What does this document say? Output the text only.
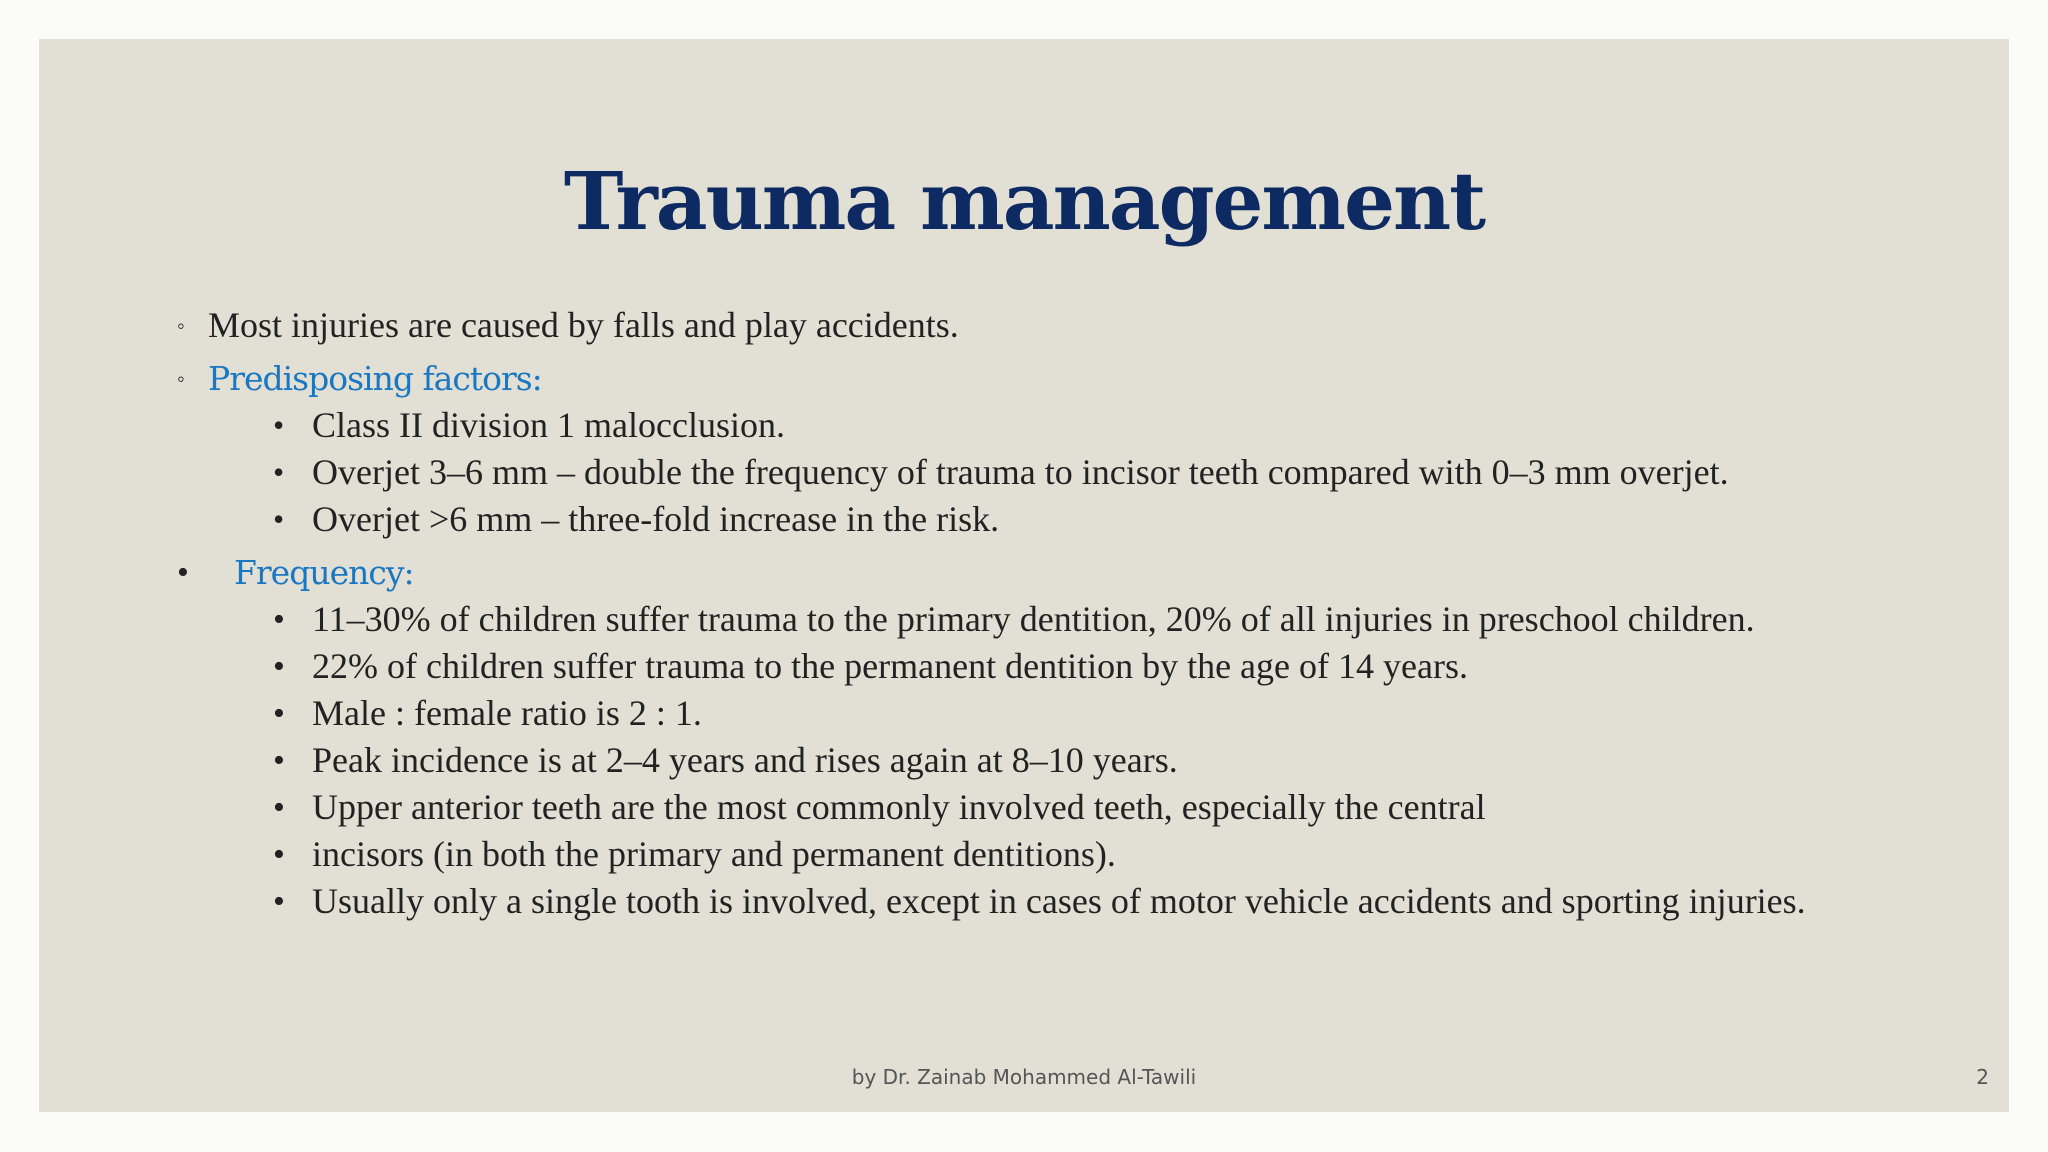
Trauma management
◦ Most injuries are caused by falls and play accidents.
◦ Predisposing factors:
• Class II division 1 malocclusion.
• Overjet 3–6 mm – double the frequency of trauma to incisor teeth compared with 0–3 mm overjet.
• Overjet >6 mm – three-fold increase in the risk.
• Frequency:
• 11–30% of children suffer trauma to the primary dentition, 20% of all injuries in preschool children.
• 22% of children suffer trauma to the permanent dentition by the age of 14 years.
• Male : female ratio is 2 : 1.
• Peak incidence is at 2–4 years and rises again at 8–10 years.
• Upper anterior teeth are the most commonly involved teeth, especially the central
• incisors (in both the primary and permanent dentitions).
• Usually only a single tooth is involved, except in cases of motor vehicle accidents and sporting injuries.
by Dr. Zainab Mohammed Al-Tawili	2
